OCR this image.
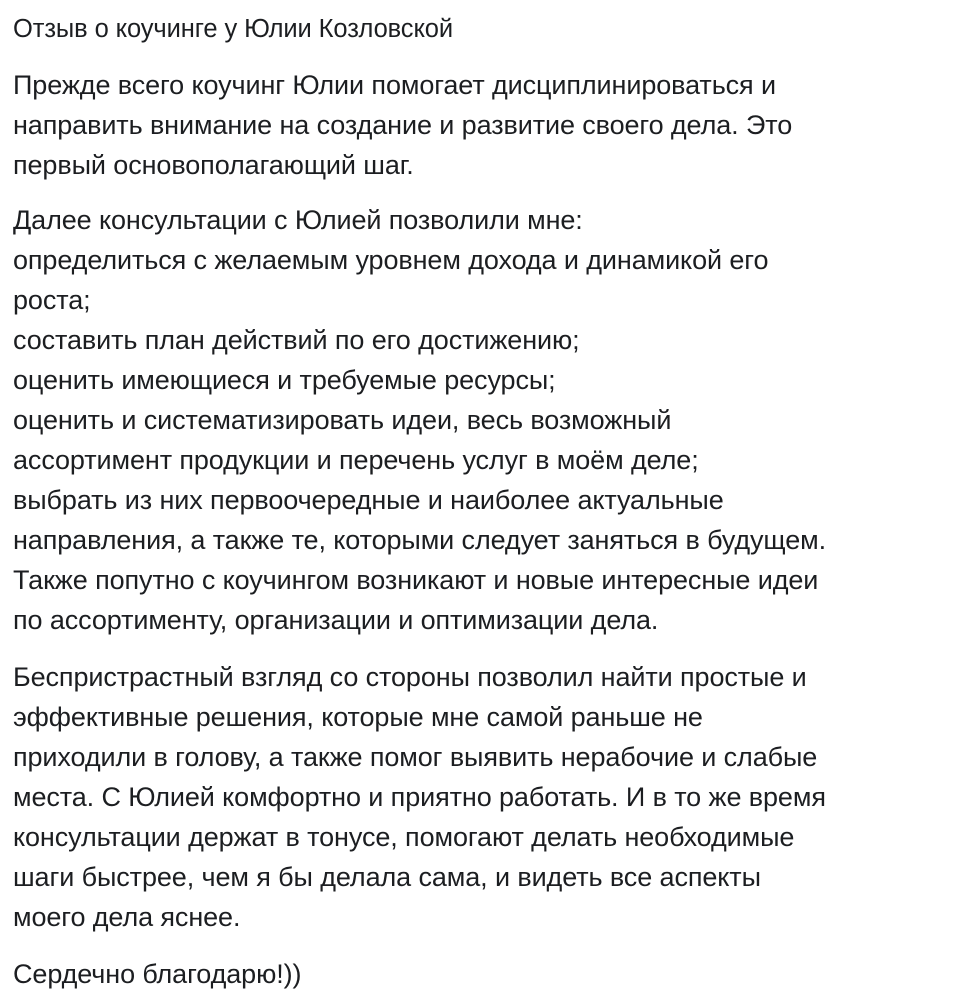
Отзыв о коучинге у Юлии Козловской

Прежде всего коучинг Юлии помогает дисциплинироваться и
направить внимание на создание и развитие своего дела. Это
первый основополагающий шаг.

Далее консультации с Юлией позволили мне:
определиться с желаемым уровнем дохода и динамикой его
роста;
составить план действий по его достижению;
оценить имеющиеся и требуемые ресурсы;
оценить и систематизировать идеи, весь возможный
ассортимент продукции и перечень услуг в моём деле;
выбрать из них первоочередные и наиболее актуальные
направления, а также те, которыми следует заняться в будущем.
Также попутно с коучингом возникают и новые интересные идеи
по ассортименту, организации и оптимизации дела.

Беспристрастный взгляд со стороны позволил найти простые и
эффективные решения, которые мне самой раньше не
приходили в голову, а также помог выявить нерабочие и слабые
места. С Юлией комфортно и приятно работать. И в то же время
консультации держат в тонусе, помогают делать необходимые
шаги быстрее, чем я бы делала сама, и видеть все аспекты
моего дела яснее.

Сердечно благодарю!))
